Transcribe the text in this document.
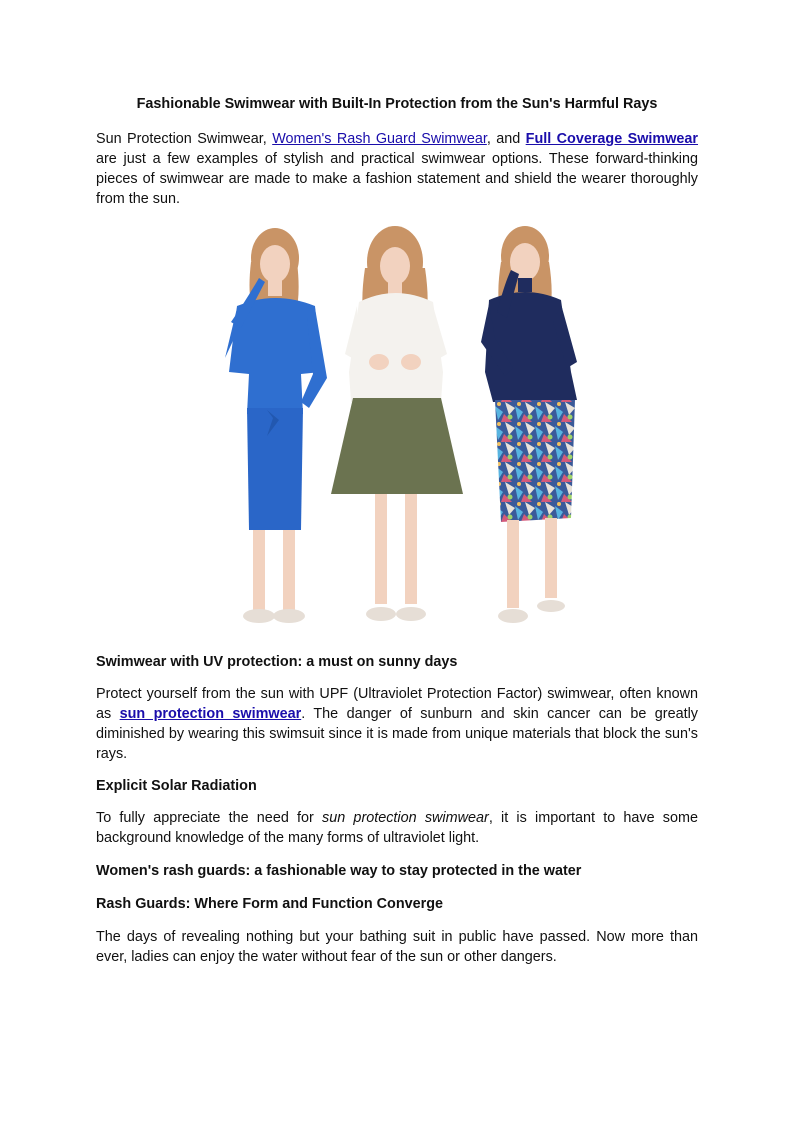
Fashionable Swimwear with Built-In Protection from the Sun's Harmful Rays

Sun Protection Swimwear, Women's Rash Guard Swimwear, and Full Coverage Swimwear are just a few examples of stylish and practical swimwear options. These forward-thinking pieces of swimwear are made to make a fashion statement and shield the wearer thoroughly from the sun.

Swimwear with UV protection: a must on sunny days

Protect yourself from the sun with UPF (Ultraviolet Protection Factor) swimwear, often known as sun protection swimwear. The danger of sunburn and skin cancer can be greatly diminished by wearing this swimsuit since it is made from unique materials that block the sun's rays.

Explicit Solar Radiation

To fully appreciate the need for sun protection swimwear, it is important to have some background knowledge of the many forms of ultraviolet light.

Women's rash guards: a fashionable way to stay protected in the water
Rash Guards: Where Form and Function Converge

The days of revealing nothing but your bathing suit in public have passed. Now more than ever, ladies can enjoy the water without fear of the sun or other dangers.
